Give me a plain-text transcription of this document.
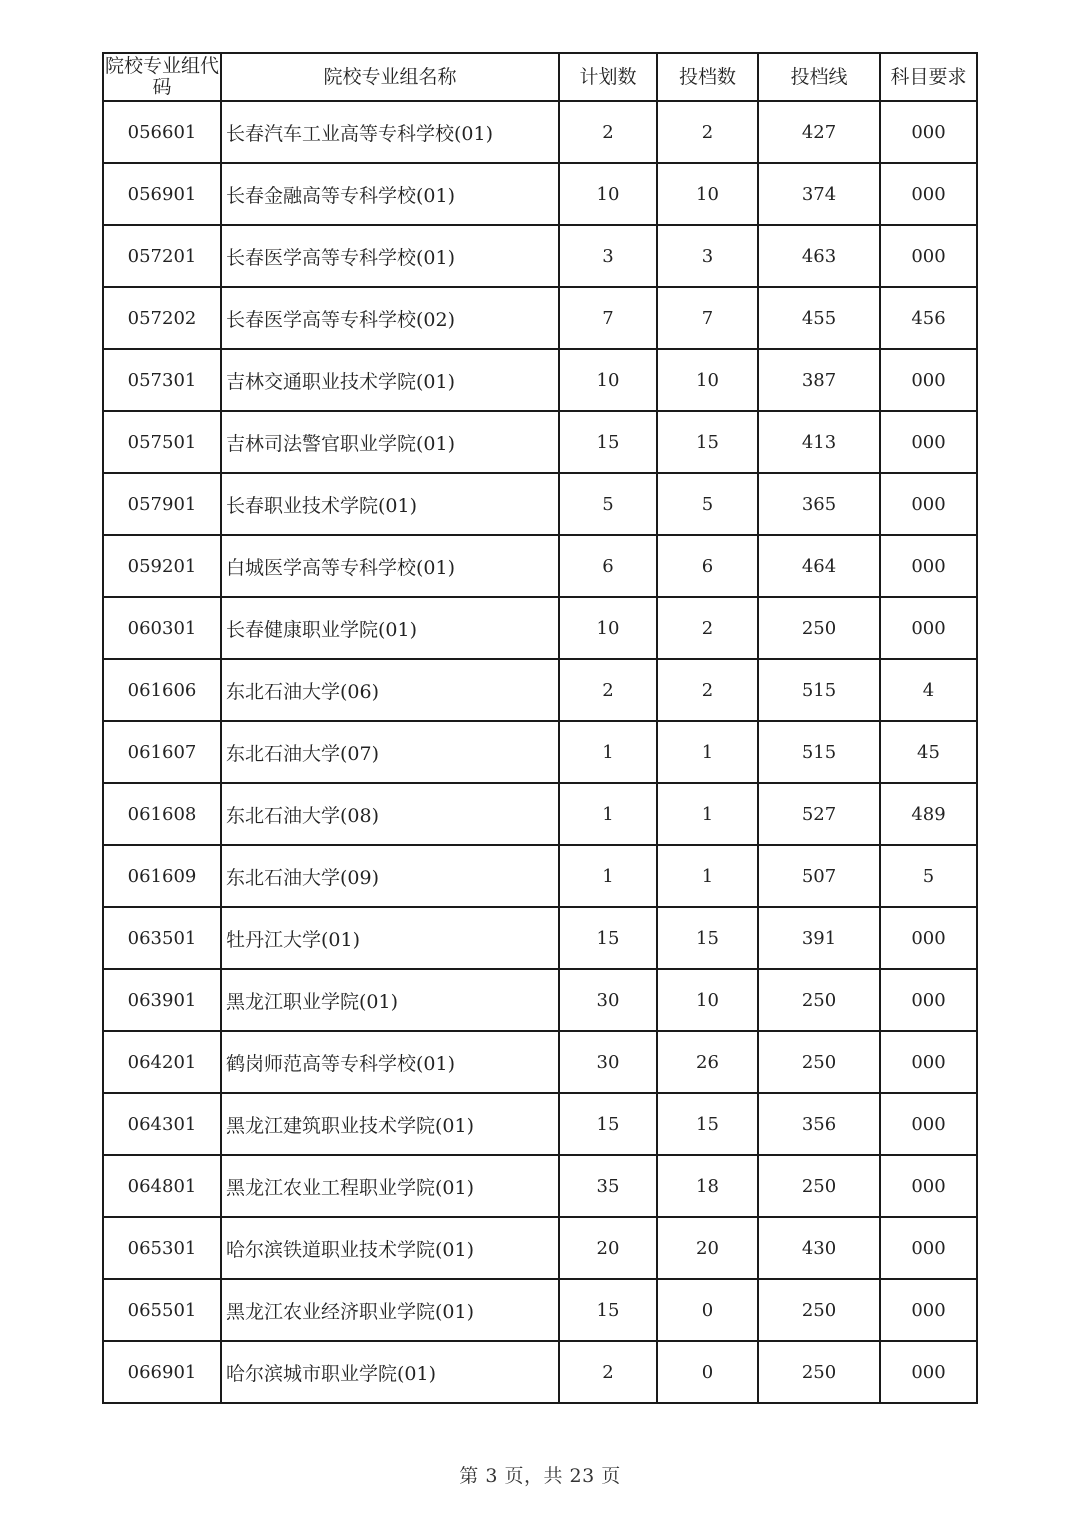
院校专业组代码	院校专业组名称	计划数	投档数	投档线	科目要求
056601	长春汽车工业高等专科学校(01)	2	2	427	000
056901	长春金融高等专科学校(01)	10	10	374	000
057201	长春医学高等专科学校(01)	3	3	463	000
057202	长春医学高等专科学校(02)	7	7	455	456
057301	吉林交通职业技术学院(01)	10	10	387	000
057501	吉林司法警官职业学院(01)	15	15	413	000
057901	长春职业技术学院(01)	5	5	365	000
059201	白城医学高等专科学校(01)	6	6	464	000
060301	长春健康职业学院(01)	10	2	250	000
061606	东北石油大学(06)	2	2	515	4
061607	东北石油大学(07)	1	1	515	45
061608	东北石油大学(08)	1	1	527	489
061609	东北石油大学(09)	1	1	507	5
063501	牡丹江大学(01)	15	15	391	000
063901	黑龙江职业学院(01)	30	10	250	000
064201	鹤岗师范高等专科学校(01)	30	26	250	000
064301	黑龙江建筑职业技术学院(01)	15	15	356	000
064801	黑龙江农业工程职业学院(01)	35	18	250	000
065301	哈尔滨铁道职业技术学院(01)	20	20	430	000
065501	黑龙江农业经济职业学院(01)	15	0	250	000
066901	哈尔滨城市职业学院(01)	2	0	250	000
第 3 页，共 23 页
